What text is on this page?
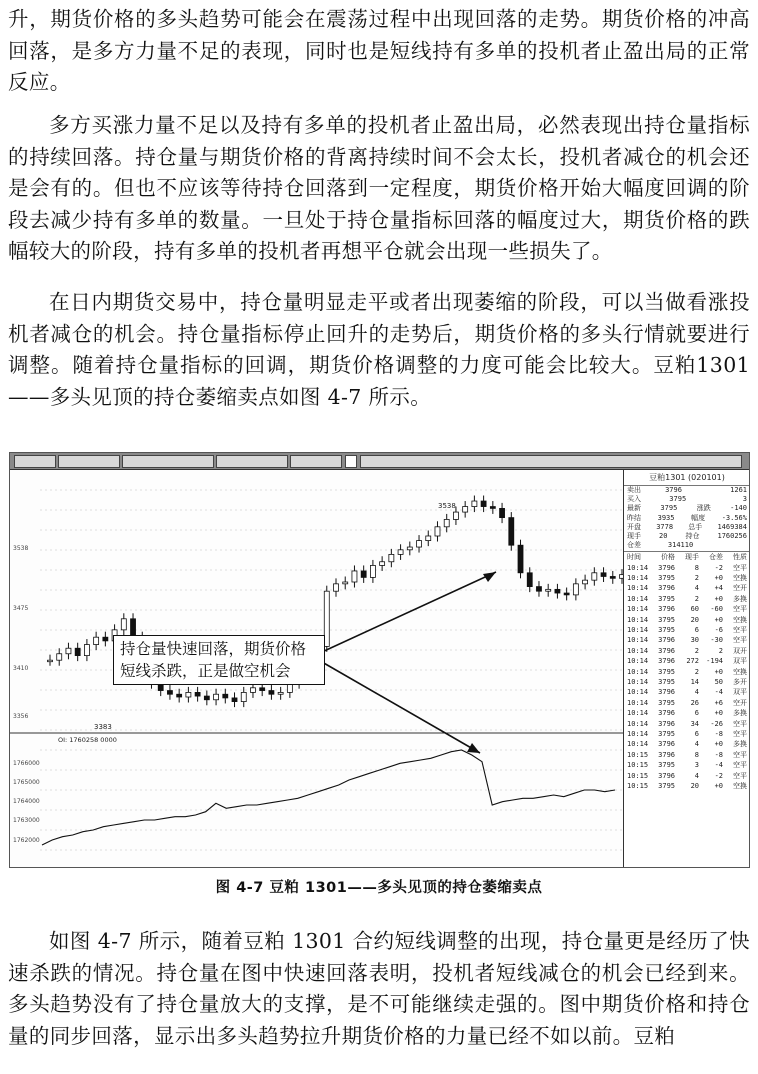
升，期货价格的多头趋势可能会在震荡过程中出现回落的走势。期货价格的冲高回落，是多方力量不足的表现，同时也是短线持有多单的投机者止盈出局的正常反应。

多方买涨力量不足以及持有多单的投机者止盈出局，必然表现出持仓量指标的持续回落。持仓量与期货价格的背离持续时间不会太长，投机者减仓的机会还是会有的。但也不应该等待持仓回落到一定程度，期货价格开始大幅度回调的阶段去减少持有多单的数量。一旦处于持仓量指标回落的幅度过大，期货价格的跌幅较大的阶段，持有多单的投机者再想平仓就会出现一些损失了。

在日内期货交易中，持仓量明显走平或者出现萎缩的阶段，可以当做看涨投机者减仓的机会。持仓量指标停止回升的走势后，期货价格的多头行情就要进行调整。随着持仓量指标的回调，期货价格调整的力度可能会比较大。豆粕1301——多头见顶的持仓萎缩卖点如图 4-7 所示。

3538
3383
3538
3475
3410
3356
OI: 1760258 0000
1766000
1765000
1764000
1763000
1762000
持仓量快速回落，期货价格
短线杀跌，正是做空机会
豆粕1301 (020101)
卖出	3796	1261
买入	3795	3
最新	3795	涨跌	-140
昨结 3935 幅度 -3.56%
开盘 3778 总手 1469384
现手	20	持仓	1760256
仓差	314110
时间	价格	现手	仓差	性质
10:14	3796	8	-2	空平
10:14	3795	2	+0	空换
10:14	3796	4	+4	空开
10:14	3795	2	+0	多换
10:14	3796	60	-60	空平
10:14	3795	20	+0	空换
10:14	3795	6	-6	空平
10:14	3796	30	-30	空平
10:14	3796	2	2	双开
10:14	3796	272	-194	双平
10:14	3795	2	+0	空换
10:14	3795	14	50	多开
10:14	3796	4	-4	双平
10:14	3795	26	+6	空开
10:14	3796	6	+0	多换
10:14	3796	34	-26	空平
10:14	3795	6	-8	空平
10:14	3796	4	+0	多换
10:15	3796	8	-8	空平
10:15	3795	3	-4	空平
10:15	3796	4	-2	空平
10:15	3795	20	+0	空换
图 4-7 豆粕 1301——多头见顶的持仓萎缩卖点

如图 4-7 所示，随着豆粕 1301 合约短线调整的出现，持仓量更是经历了快速杀跌的情况。持仓量在图中快速回落表明，投机者短线减仓的机会已经到来。多头趋势没有了持仓量放大的支撑，是不可能继续走强的。图中期货价格和持仓量的同步回落，显示出多头趋势拉升期货价格的力量已经不如以前。豆粕
